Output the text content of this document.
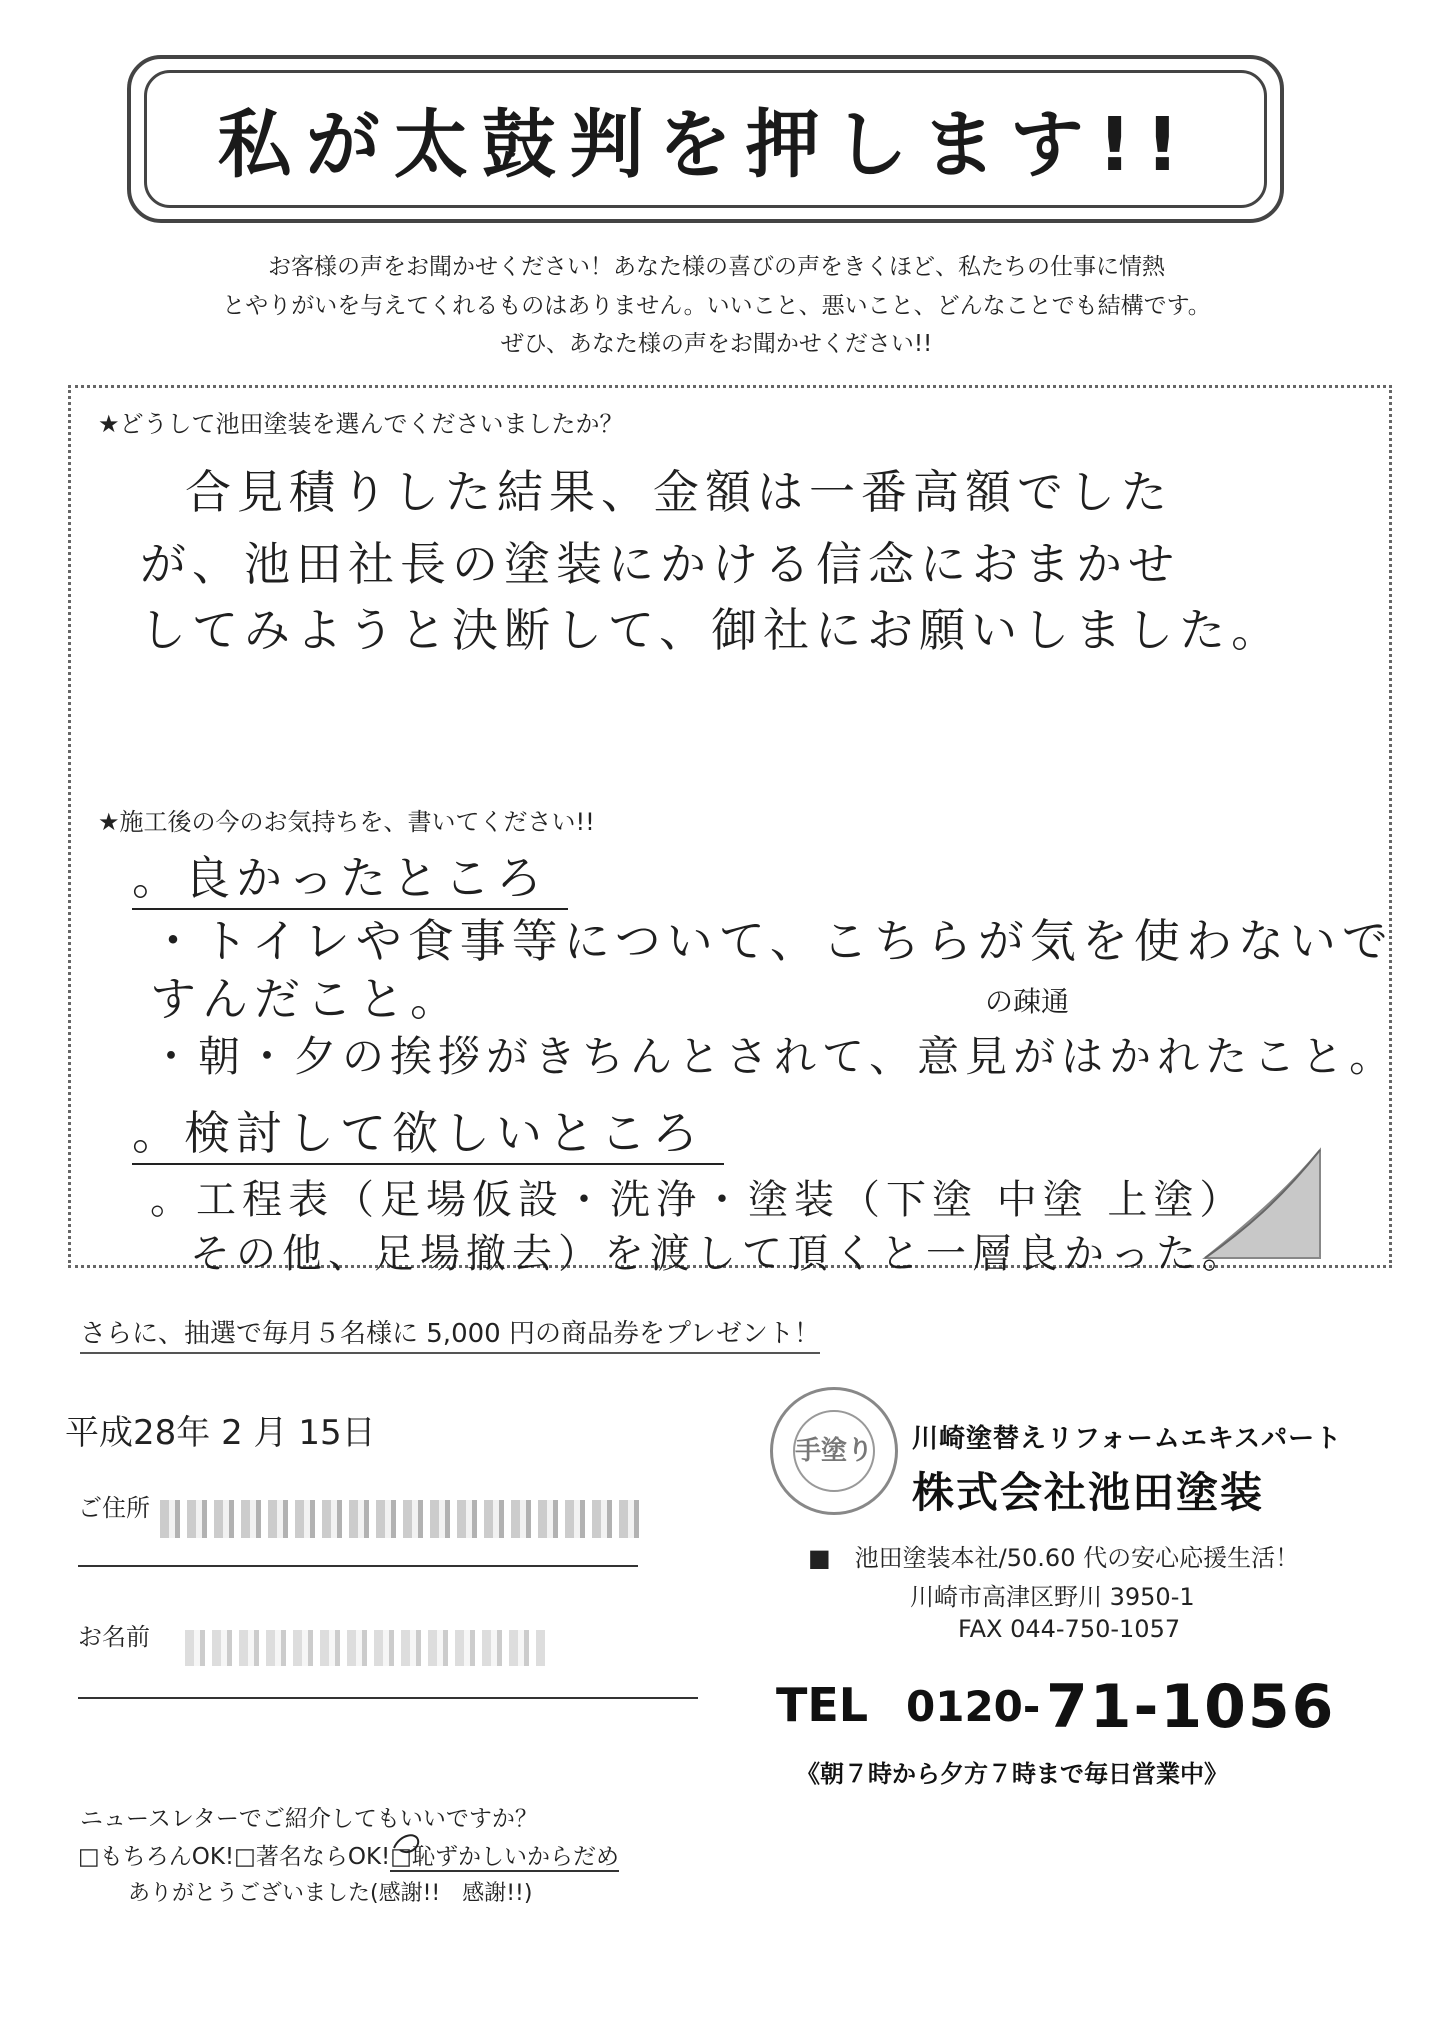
私が太鼓判を押します!!
お客様の声をお聞かせください！あなた様の喜びの声をきくほど、私たちの仕事に情熱
とやりがいを与えてくれるものはありません。いいこと、悪いこと、どんなことでも結構です。
ぜひ、あなた様の声をお聞かせください!!
★どうして池田塗装を選んでくださいましたか？
合見積りした結果、金額は一番高額でした
が、池田社長の塗装にかける信念におまかせ
してみようと決断して、御社にお願いしました。
★施工後の今のお気持ちを、書いてください!!
。良かったところ
・トイレや食事等について、こちらが気を使わないで
すんだこと。	の疎通
・朝・夕の挨拶がきちんとされて、意見がはかれたこと。
。検討して欲しいところ
。工程表（足場仮設・洗浄・塗装（下塗 中塗 上塗）
その他、足場撤去）を渡して頂くと一層良かった。
さらに、抽選で毎月５名様に 5,000 円の商品券をプレゼント！
平成28年 2 月 15日
ご住所
お名前
手塗り 川崎塗替えリフォームエキスパート
株式会社池田塗装
■　池田塗装本社/50.60 代の安心応援生活！
川崎市高津区野川 3950-1
FAX 044-750-1057
TEL 0120- 71-1056
《朝７時から夕方７時まで毎日営業中》
ニュースレターでご紹介してもいいですか？
□もちろんOK!□著名ならOK!□恥ずかしいからだめ
ありがとうございました(感謝!!　感謝!!)
